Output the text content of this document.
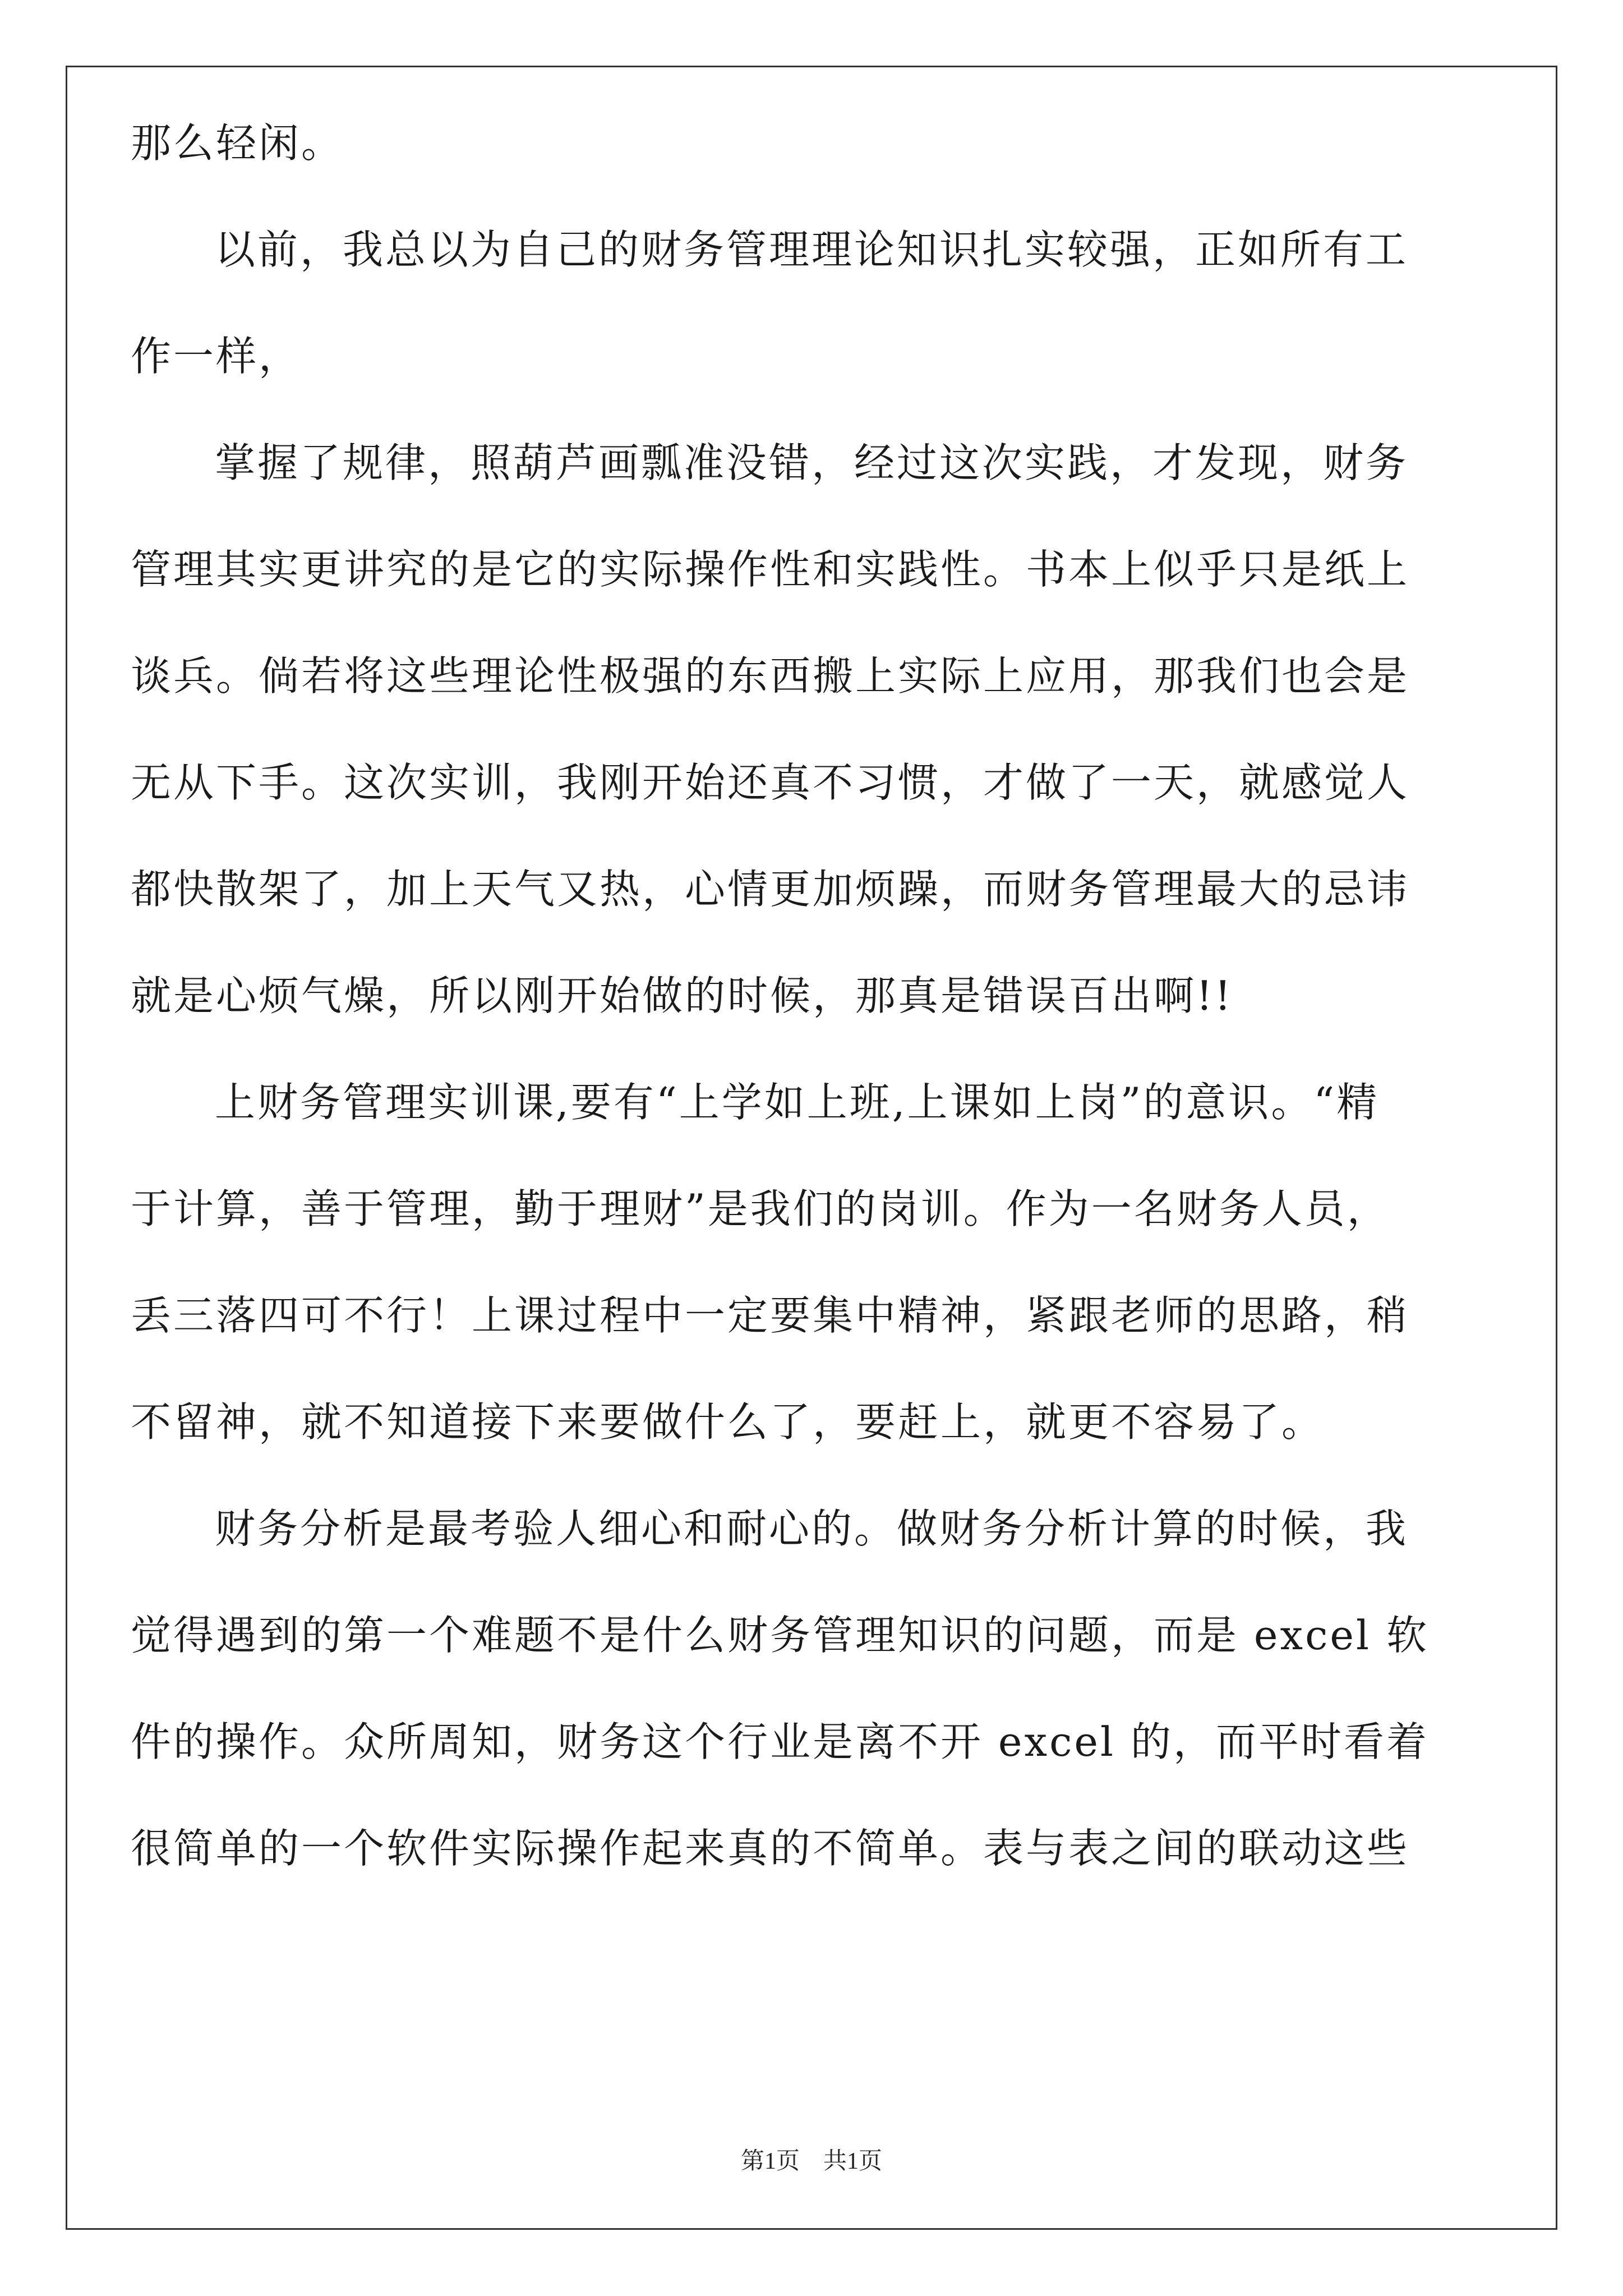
那么轻闲。
以前，我总以为自己的财务管理理论知识扎实较强，正如所有工
作一样，
掌握了规律，照葫芦画瓢准没错，经过这次实践，才发现，财务
管理其实更讲究的是它的实际操作性和实践性。书本上似乎只是纸上
谈兵。倘若将这些理论性极强的东西搬上实际上应用，那我们也会是
无从下手。这次实训，我刚开始还真不习惯，才做了一天，就感觉人
都快散架了，加上天气又热，心情更加烦躁，而财务管理最大的忌讳
就是心烦气燥，所以刚开始做的时候，那真是错误百出啊!!
上财务管理实训课,要有“上学如上班,上课如上岗”的意识。“精
于计算，善于管理，勤于理财”是我们的岗训。作为一名财务人员，
丢三落四可不行！上课过程中一定要集中精神，紧跟老师的思路，稍
不留神，就不知道接下来要做什么了，要赶上，就更不容易了。
财务分析是最考验人细心和耐心的。做财务分析计算的时候，我
觉得遇到的第一个难题不是什么财务管理知识的问题，而是 excel 软
件的操作。众所周知，财务这个行业是离不开 excel 的，而平时看着
很简单的一个软件实际操作起来真的不简单。表与表之间的联动这些
第1页　共1页
